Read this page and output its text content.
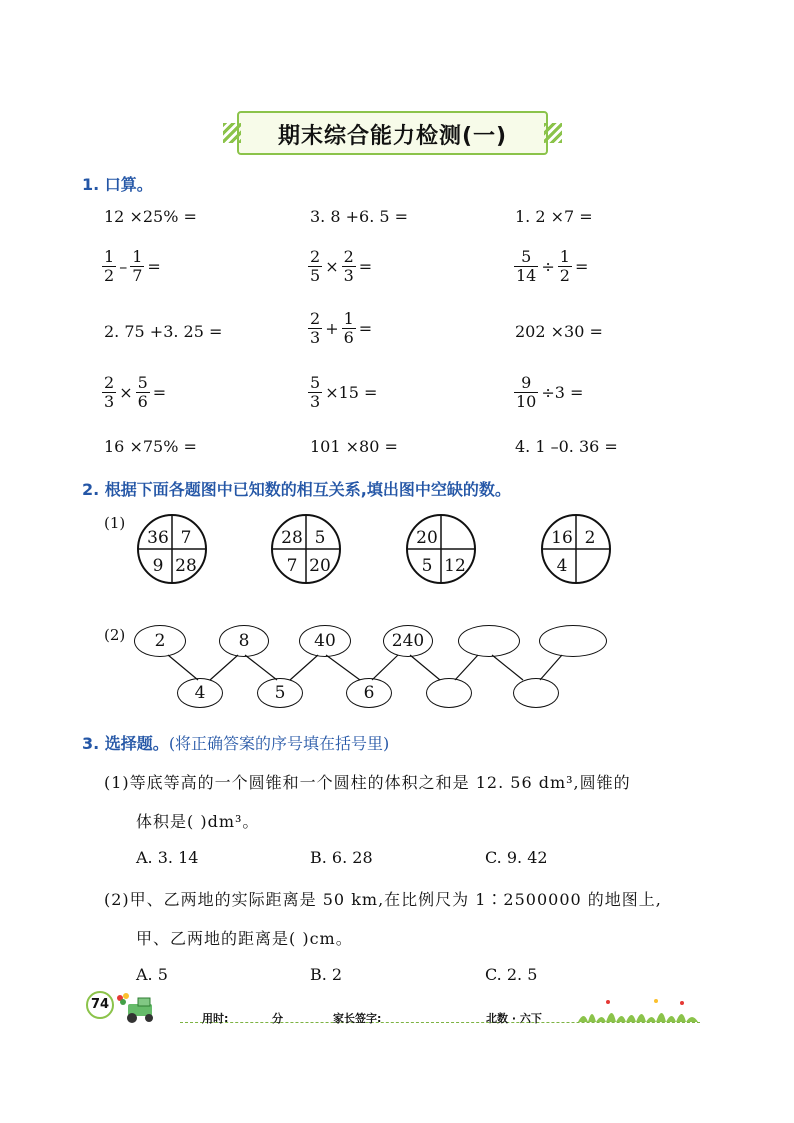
期末综合能力检测(一)
1. 口算。
12 ×25% =	3. 8 +6. 5 =	1. 2 ×7 =
$\frac{1}{2} - \frac{1}{7}$ =	$\frac{2}{5} \times \frac{2}{3}$ =	$\frac{5}{14} \div \frac{1}{2}$ =
2. 75 +3. 25 =	$\frac{2}{3} + \frac{1}{6}$ =	202 ×30 =
$\frac{2}{3} \times \frac{5}{6}$ =	$\frac{5}{3} \times 15$ =	$\frac{9}{10} \div 3$ =
16 ×75% =	101 ×80 =	4. 1 –0. 36 =
2. 根据下面各题图中已知数的相互关系,填出图中空缺的数。
(1)
36 7
9 28
28 5
7 20
20
5 12
16 2
4
(2)	2	8	40	240
4	5	6
3. 选择题。(将正确答案的序号填在括号里)
(1)等底等高的一个圆锥和一个圆柱的体积之和是 12. 56 dm³,圆锥的
体积是( )dm³。
A. 3. 14	B. 6. 28	C. 9. 42
(2)甲、乙两地的实际距离是 50 km,在比例尺为 1∶2500000 的地图上,
甲、乙两地的距离是( )cm。
A. 5	B. 2	C. 2. 5
74
用时:	分	家长签字:	北数 · 六下
